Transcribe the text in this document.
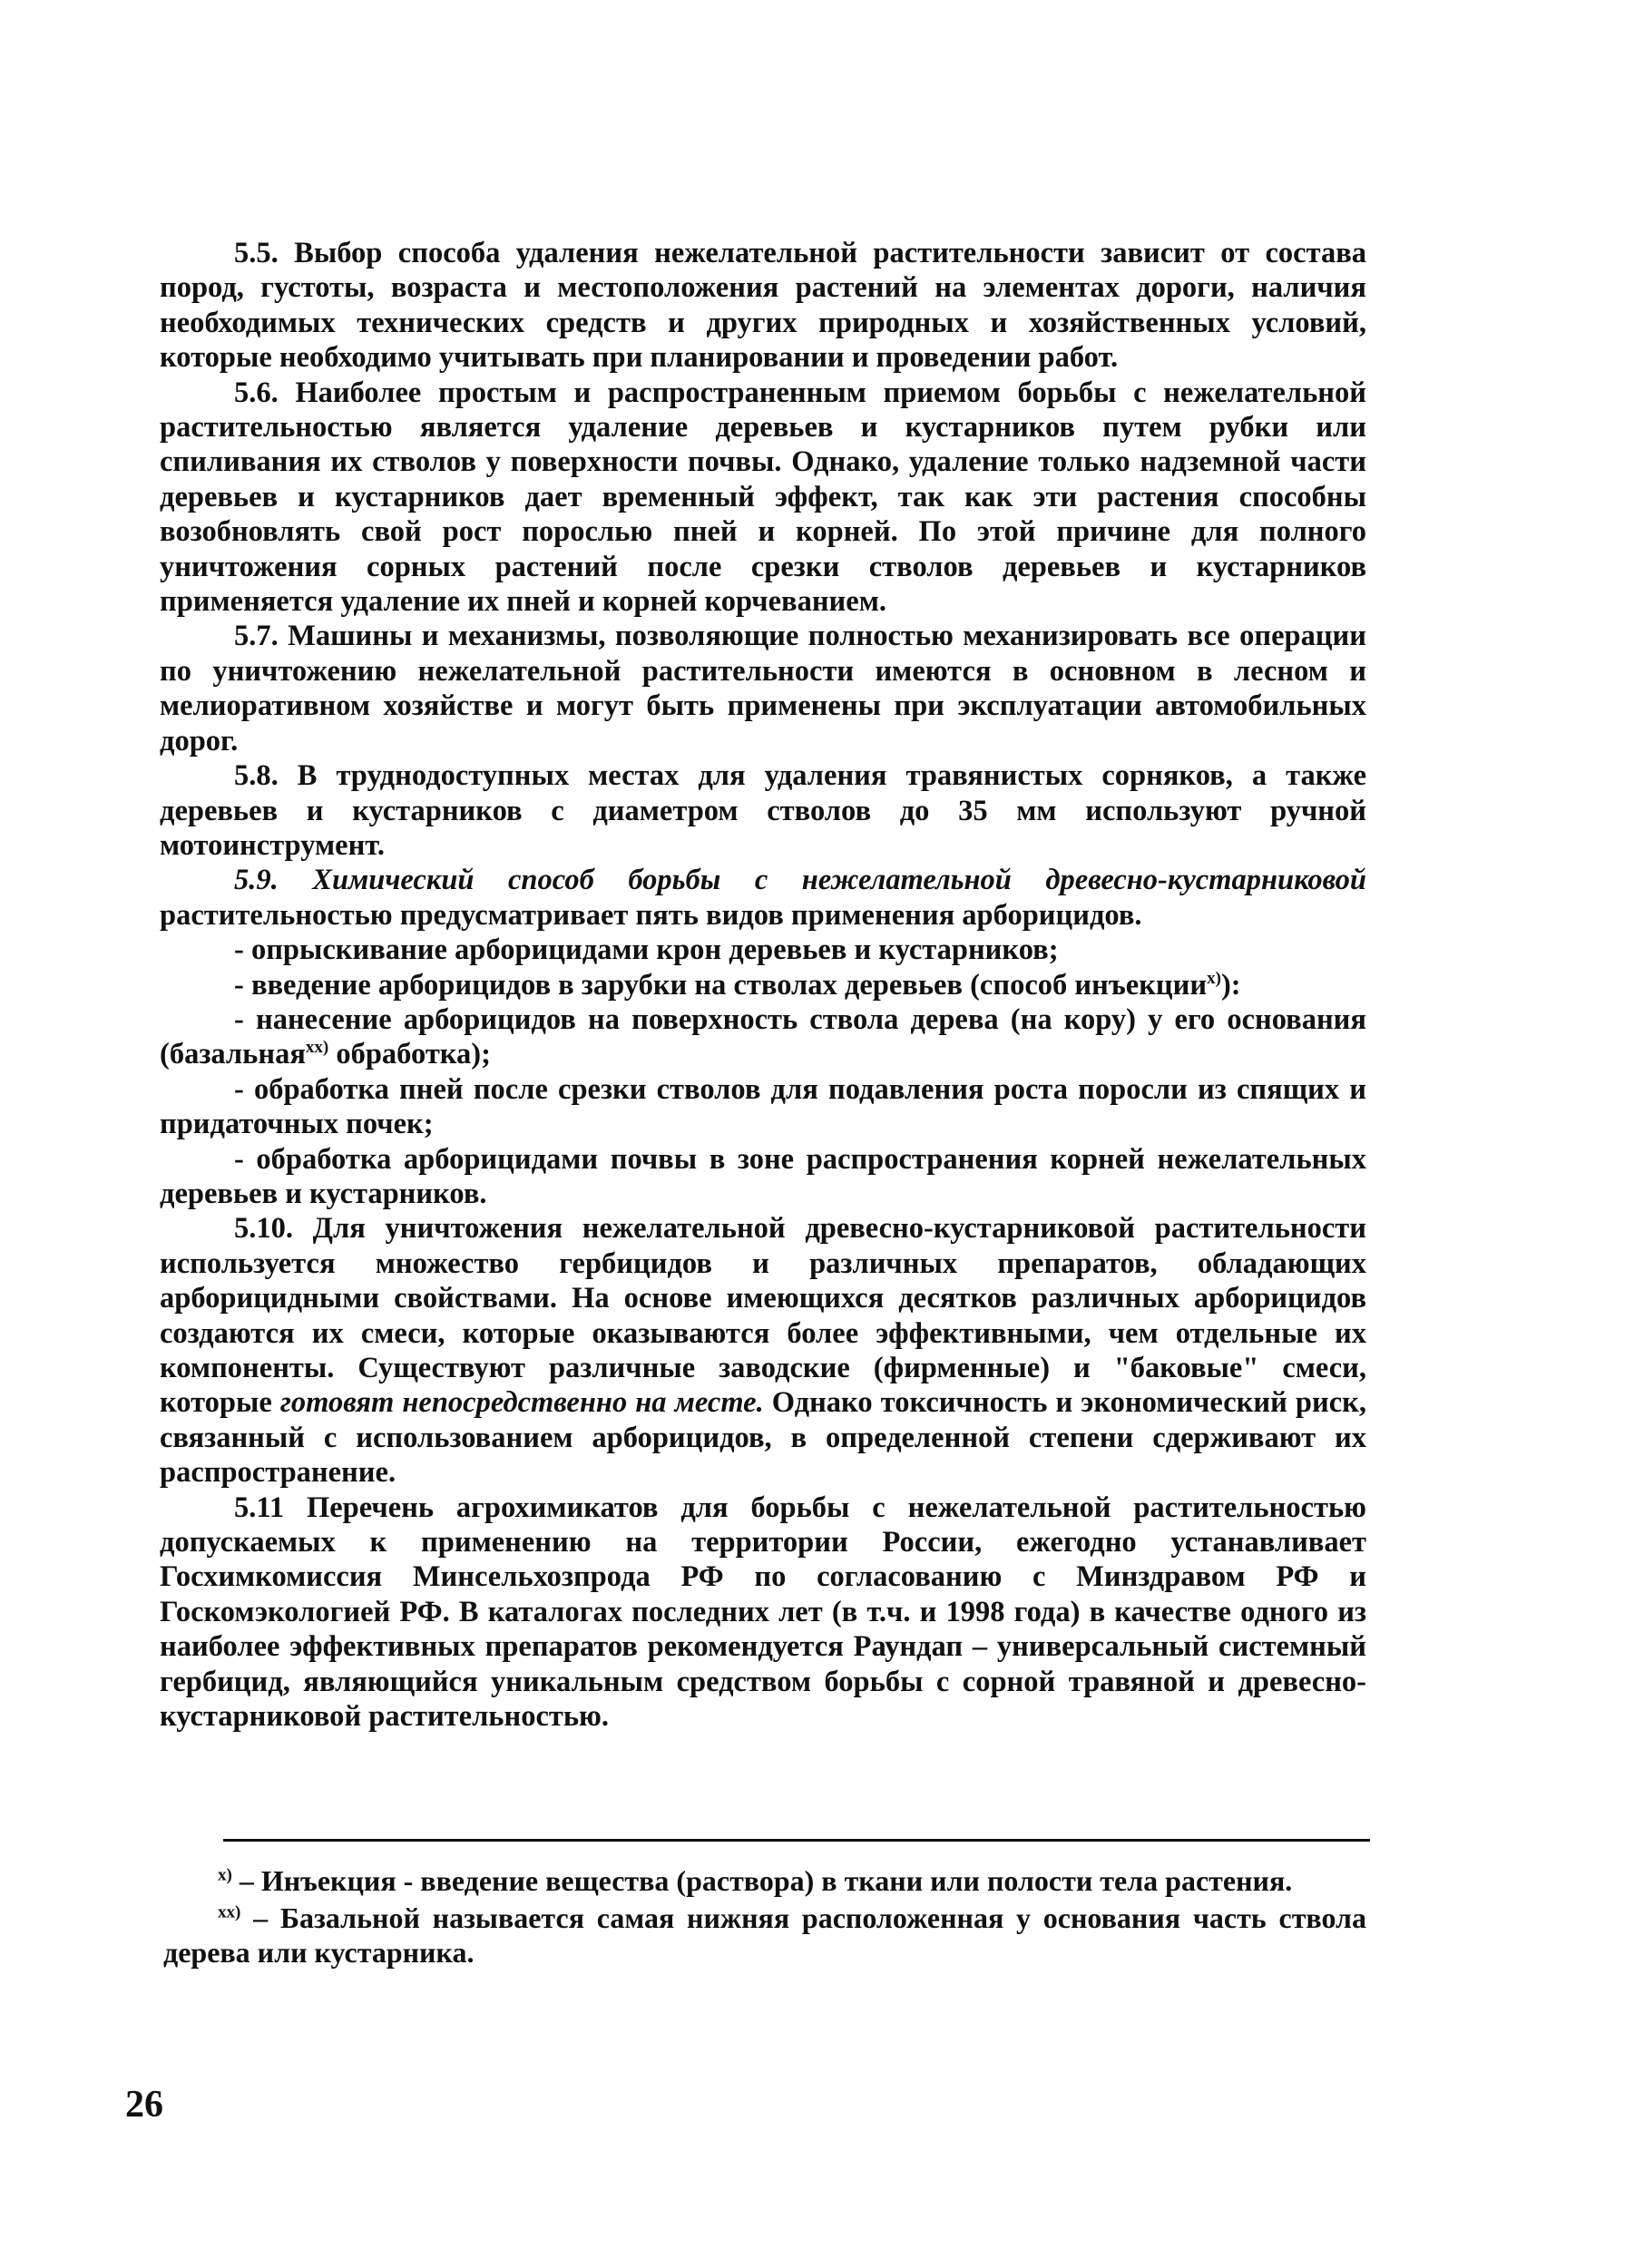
5.5. Выбор способа удаления нежелательной растительности зависит от состава пород, густоты, возраста и местоположения растений на элементах дороги, наличия необходимых технических средств и других природных и хозяйственных условий, которые необходимо учитывать при планировании и проведении работ.

5.6. Наиболее простым и распространенным приемом борьбы с нежелательной растительностью является удаление деревьев и кустарников путем рубки или спиливания их стволов у поверхности почвы. Однако, удаление только надземной части деревьев и кустарников дает временный эффект, так как эти растения способны возобновлять свой рост порослью пней и корней. По этой причине для полного уничтожения сорных растений после срезки стволов деревьев и кустарников применяется удаление их пней и корней корчеванием.

5.7. Машины и механизмы, позволяющие полностью механизировать все операции по уничтожению нежелательной растительности имеются в основном в лесном и мелиоративном хозяйстве и могут быть применены при эксплуатации автомобильных дорог.

5.8. В труднодоступных местах для удаления травянистых сорняков, а также деревьев и кустарников с диаметром стволов до 35 мм используют ручной мотоинструмент.

5.9. Химический способ борьбы с нежелательной древесно-кустарниковой растительностью предусматривает пять видов применения арборицидов.

- опрыскивание арборицидами крон деревьев и кустарников;

- введение арборицидов в зарубки на стволах деревьев (способ инъекции$^{х)}$):

- нанесение арборицидов на поверхность ствола дерева (на кору) у его основания (базальная$^{хх)}$ обработка);

- обработка пней после срезки стволов для подавления роста поросли из спящих и придаточных почек;

- обработка арборицидами почвы в зоне распространения корней нежелательных деревьев и кустарников.

5.10. Для уничтожения нежелательной древесно-кустарниковой растительности используется множество гербицидов и различных препаратов, обладающих арборицидными свойствами. На основе имеющихся десятков различных арборицидов создаются их смеси, которые оказываются более эффективными, чем отдельные их компоненты. Существуют различные заводские (фирменные) и "баковые" смеси, которые готовят непосредственно на месте. Однако токсичность и экономический риск, связанный с использованием арборицидов, в определенной степени сдерживают их распространение.

5.11 Перечень агрохимикатов для борьбы с нежелательной растительностью допускаемых к применению на территории России, ежегодно устанавливает Госхимкомиссия Минсельхозпрода РФ по согласованию с Минздравом РФ и Госкомэкологией РФ. В каталогах последних лет (в т.ч. и 1998 года) в качестве одного из наиболее эффективных препаратов рекомендуется Раундап – универсальный системный гербицид, являющийся уникальным средством борьбы с сорной травяной и древесно-кустарниковой растительностью.

$^{х)}$ – Инъекция - введение вещества (раствора) в ткани или полости тела растения.

$^{хх)}$ – Базальной называется самая нижняя расположенная у основания часть ствола дерева или кустарника.

26
